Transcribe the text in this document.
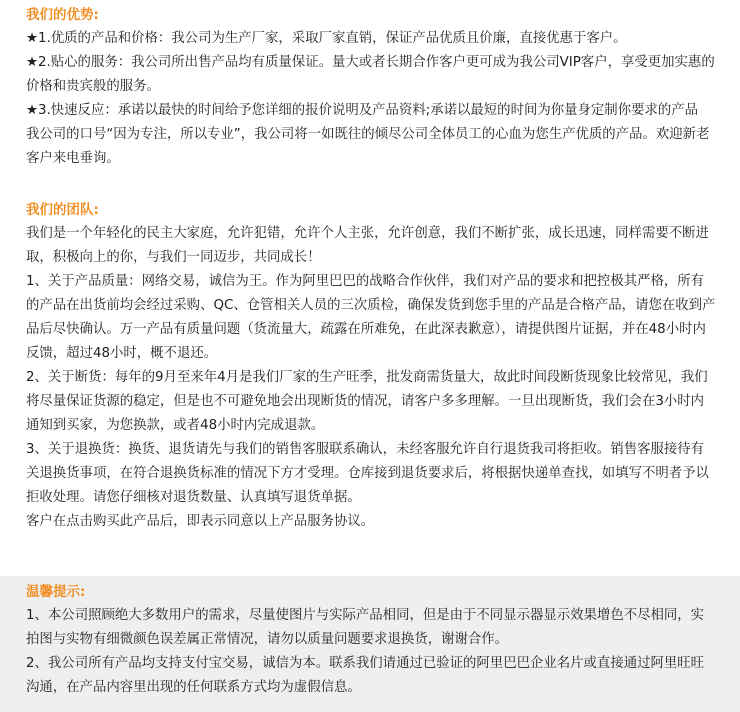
我们的优势:

★1.优质的产品和价格：我公司为生产厂家，采取厂家直销，保证产品优质且价廉，直接优惠于客户。

★2.贴心的服务：我公司所出售产品均有质量保证。量大或者长期合作客户更可成为我公司VIP客户，享受更加实惠的价格和贵宾般的服务。

★3.快速反应：承诺以最快的时间给予您详细的报价说明及产品资料;承诺以最短的时间为你量身定制你要求的产品

我公司的口号“因为专注，所以专业”，我公司将一如既往的倾尽公司全体员工的心血为您生产优质的产品。欢迎新老客户来电垂询。

我们的团队:

我们是一个年轻化的民主大家庭，允许犯错，允许个人主张，允许创意，我们不断扩张，成长迅速，同样需要不断进取，积极向上的你，与我们一同迈步，共同成长！

1、关于产品质量：网络交易，诚信为王。作为阿里巴巴的战略合作伙伴，我们对产品的要求和把控极其严格，所有的产品在出货前均会经过采购、QC、仓管相关人员的三次质检，确保发货到您手里的产品是合格产品，请您在收到产品后尽快确认。万一产品有质量问题（货流量大，疏露在所难免，在此深表歉意），请提供图片证据，并在48小时内反馈，超过48小时，概不退还。

2、关于断货：每年的9月至来年4月是我们厂家的生产旺季，批发商需货量大，故此时间段断货现象比较常见，我们将尽量保证货源的稳定，但是也不可避免地会出现断货的情况，请客户多多理解。一旦出现断货，我们会在3小时内通知到买家，为您换款，或者48小时内完成退款。

3、关于退换货：换货、退货请先与我们的销售客服联系确认，未经客服允许自行退货我司将拒收。销售客服接待有关退换货事项，在符合退换货标准的情况下方才受理。仓库接到退货要求后，将根据快递单查找，如填写不明者予以拒收处理。请您仔细核对退货数量、认真填写退货单据。

客户在点击购买此产品后，即表示同意以上产品服务协议。

温馨提示:

1、本公司照顾绝大多数用户的需求，尽量使图片与实际产品相同，但是由于不同显示器显示效果增色不尽相同，实拍图与实物有细微颜色误差属正常情况，请勿以质量问题要求退换货，谢谢合作。

2、我公司所有产品均支持支付宝交易，诚信为本。联系我们请通过已验证的阿里巴巴企业名片或直接通过阿里旺旺沟通，在产品内容里出现的任何联系方式均为虚假信息。
